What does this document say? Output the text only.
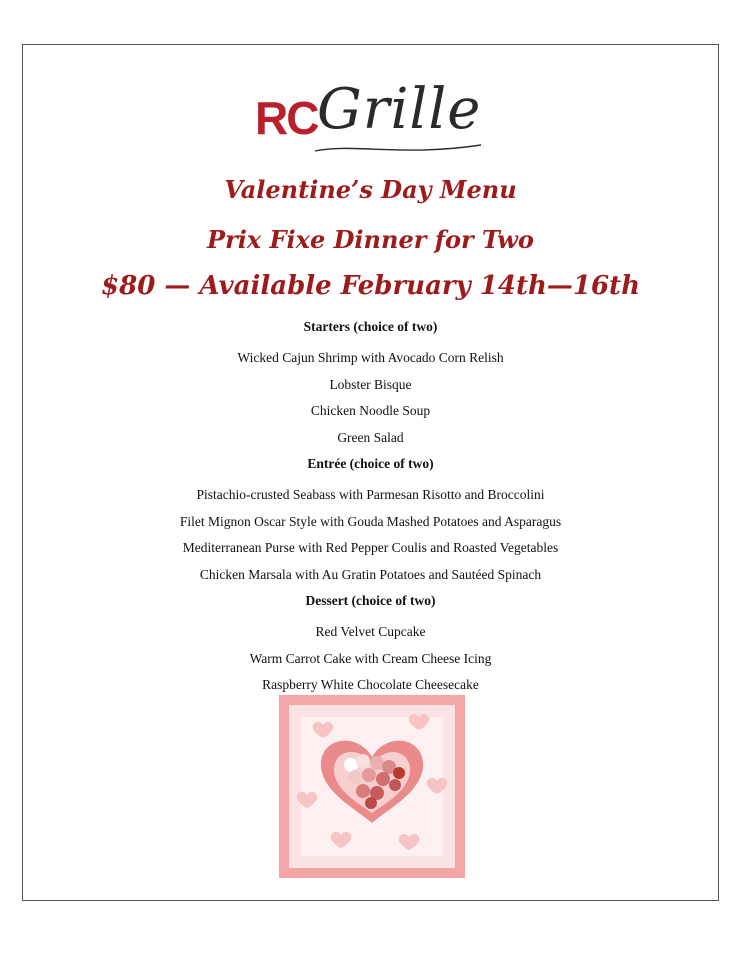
RC Grille
Valentine’s Day Menu
Prix Fixe Dinner for Two
$80 — Available February 14th—16th
Starters (choice of two)
Wicked Cajun Shrimp with Avocado Corn Relish
Lobster Bisque
Chicken Noodle Soup
Green Salad
Entrée (choice of two)
Pistachio-crusted Seabass with Parmesan Risotto and Broccolini
Filet Mignon Oscar Style with Gouda Mashed Potatoes and Asparagus
Mediterranean Purse with Red Pepper Coulis and Roasted Vegetables
Chicken Marsala with Au Gratin Potatoes and Sautéed Spinach
Dessert (choice of two)
Red Velvet Cupcake
Warm Carrot Cake with Cream Cheese Icing
Raspberry White Chocolate Cheesecake
